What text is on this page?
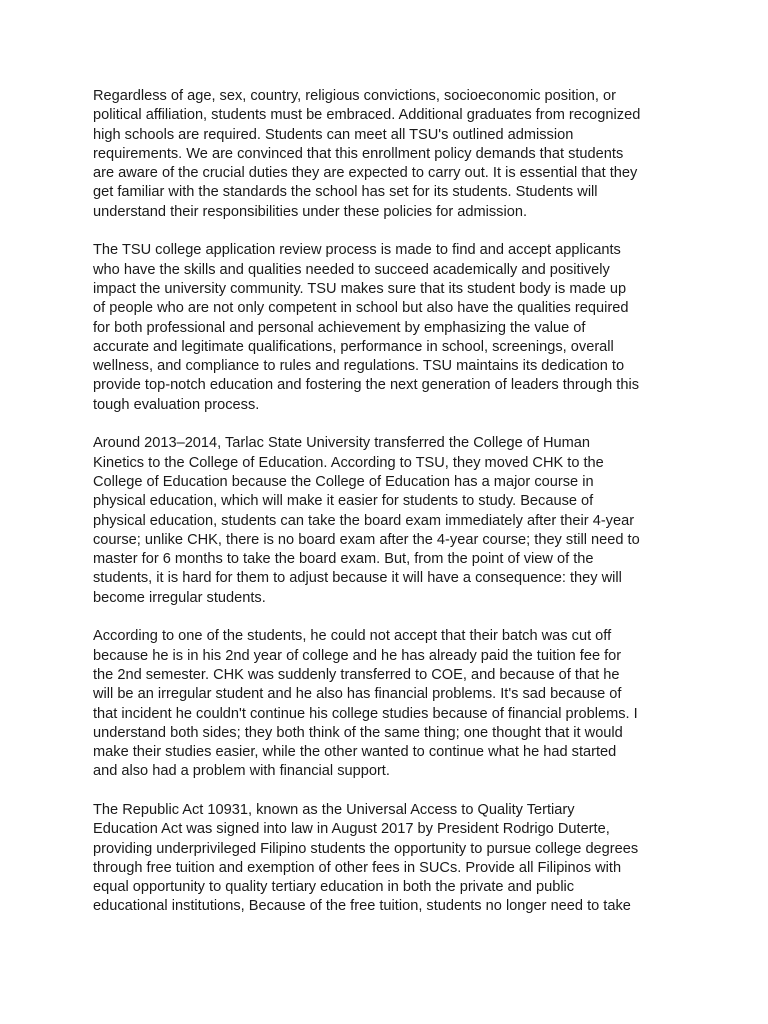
Regardless of age, sex, country, religious convictions, socioeconomic position, or
political affiliation, students must be embraced. Additional graduates from recognized
high schools are required. Students can meet all TSU's outlined admission
requirements. We are convinced that this enrollment policy demands that students
are aware of the crucial duties they are expected to carry out. It is essential that they
get familiar with the standards the school has set for its students. Students will
understand their responsibilities under these policies for admission.

The TSU college application review process is made to find and accept applicants
who have the skills and qualities needed to succeed academically and positively
impact the university community. TSU makes sure that its student body is made up
of people who are not only competent in school but also have the qualities required
for both professional and personal achievement by emphasizing the value of
accurate and legitimate qualifications, performance in school, screenings, overall
wellness, and compliance to rules and regulations. TSU maintains its dedication to
provide top-notch education and fostering the next generation of leaders through this
tough evaluation process.

Around 2013–2014, Tarlac State University transferred the College of Human
Kinetics to the College of Education. According to TSU, they moved CHK to the
College of Education because the College of Education has a major course in
physical education, which will make it easier for students to study. Because of
physical education, students can take the board exam immediately after their 4-year
course; unlike CHK, there is no board exam after the 4-year course; they still need to
master for 6 months to take the board exam. But, from the point of view of the
students, it is hard for them to adjust because it will have a consequence: they will
become irregular students.

According to one of the students, he could not accept that their batch was cut off
because he is in his 2nd year of college and he has already paid the tuition fee for
the 2nd semester. CHK was suddenly transferred to COE, and because of that he
will be an irregular student and he also has financial problems. It's sad because of
that incident he couldn't continue his college studies because of financial problems. I
understand both sides; they both think of the same thing; one thought that it would
make their studies easier, while the other wanted to continue what he had started
and also had a problem with financial support.

The Republic Act 10931, known as the Universal Access to Quality Tertiary
Education Act was signed into law in August 2017 by President Rodrigo Duterte,
providing underprivileged Filipino students the opportunity to pursue college degrees
through free tuition and exemption of other fees in SUCs. Provide all Filipinos with
equal opportunity to quality tertiary education in both the private and public
educational institutions, Because of the free tuition, students no longer need to take
